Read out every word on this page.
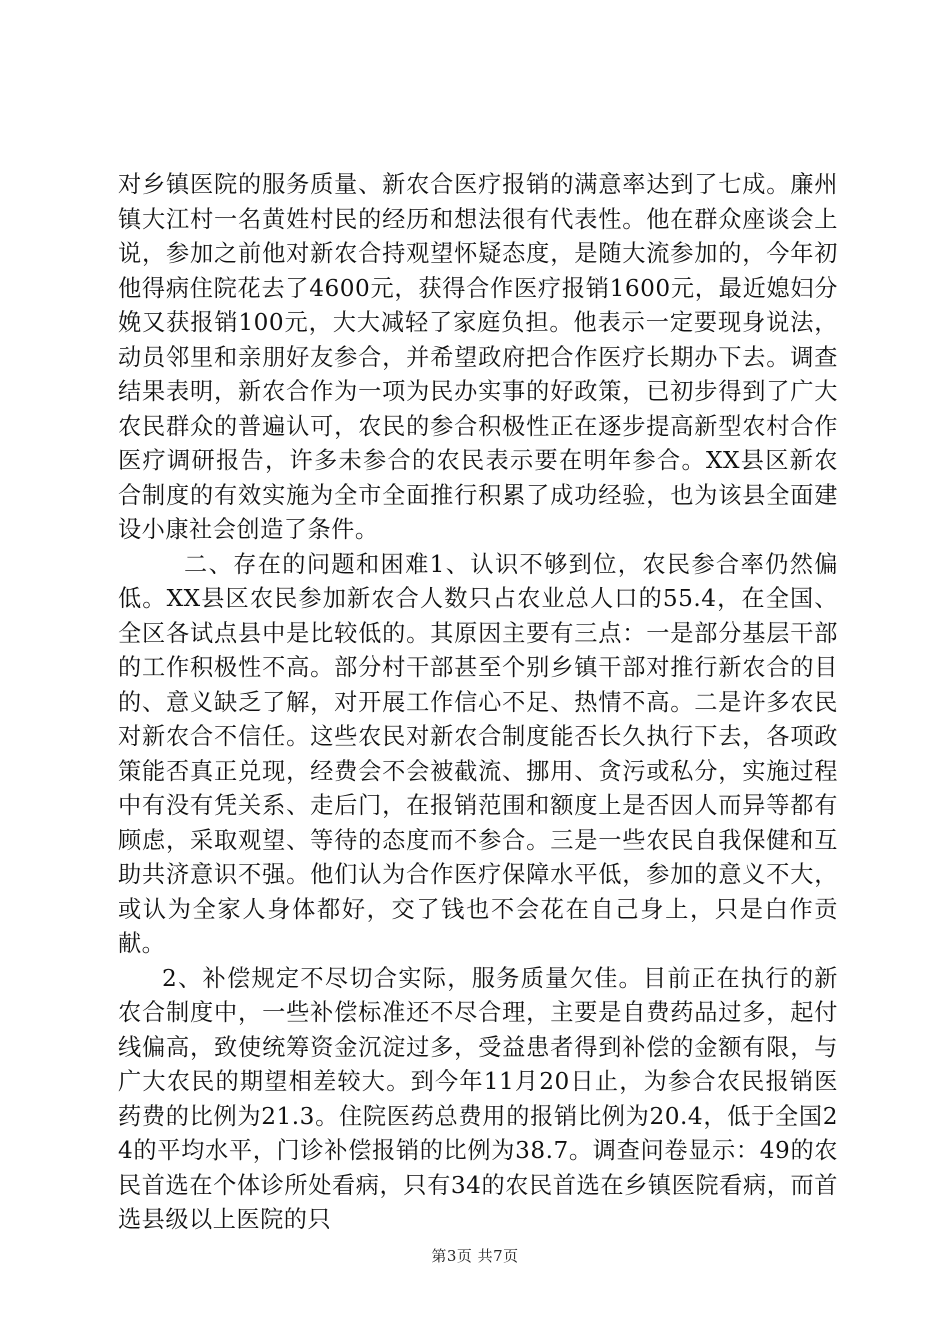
对乡镇医院的服务质量、新农合医疗报销的满意率达到了七成。廉州镇大江村一名黄姓村民的经历和想法很有代表性。他在群众座谈会上说，参加之前他对新农合持观望怀疑态度，是随大流参加的，今年初他得病住院花去了4600元，获得合作医疗报销1600元，最近媳妇分娩又获报销100元，大大减轻了家庭负担。他表示一定要现身说法，动员邻里和亲朋好友参合，并希望政府把合作医疗长期办下去。调查结果表明，新农合作为一项为民办实事的好政策，已初步得到了广大农民群众的普遍认可，农民的参合积极性正在逐步提高新型农村合作医疗调研报告，许多未参合的农民表示要在明年参合。XX县区新农合制度的有效实施为全市全面推行积累了成功经验，也为该县全面建设小康社会创造了条件。

二、存在的问题和困难1、认识不够到位，农民参合率仍然偏低。XX县区农民参加新农合人数只占农业总人口的55.4，在全国、全区各试点县中是比较低的。其原因主要有三点：一是部分基层干部的工作积极性不高。部分村干部甚至个别乡镇干部对推行新农合的目的、意义缺乏了解，对开展工作信心不足、热情不高。二是许多农民对新农合不信任。这些农民对新农合制度能否长久执行下去，各项政策能否真正兑现，经费会不会被截流、挪用、贪污或私分，实施过程中有没有凭关系、走后门，在报销范围和额度上是否因人而异等都有顾虑，采取观望、等待的态度而不参合。三是一些农民自我保健和互助共济意识不强。他们认为合作医疗保障水平低，参加的意义不大，或认为全家人身体都好，交了钱也不会花在自己身上，只是白作贡献。

2、补偿规定不尽切合实际，服务质量欠佳。目前正在执行的新农合制度中，一些补偿标准还不尽合理，主要是自费药品过多，起付线偏高，致使统筹资金沉淀过多，受益患者得到补偿的金额有限，与广大农民的期望相差较大。到今年11月20日止，为参合农民报销医药费的比例为21.3。住院医药总费用的报销比例为20.4，低于全国24的平均水平，门诊补偿报销的比例为38.7。调查问卷显示：49的农民首选在个体诊所处看病，只有34的农民首选在乡镇医院看病，而首选县级以上医院的只

第3页 共7页
